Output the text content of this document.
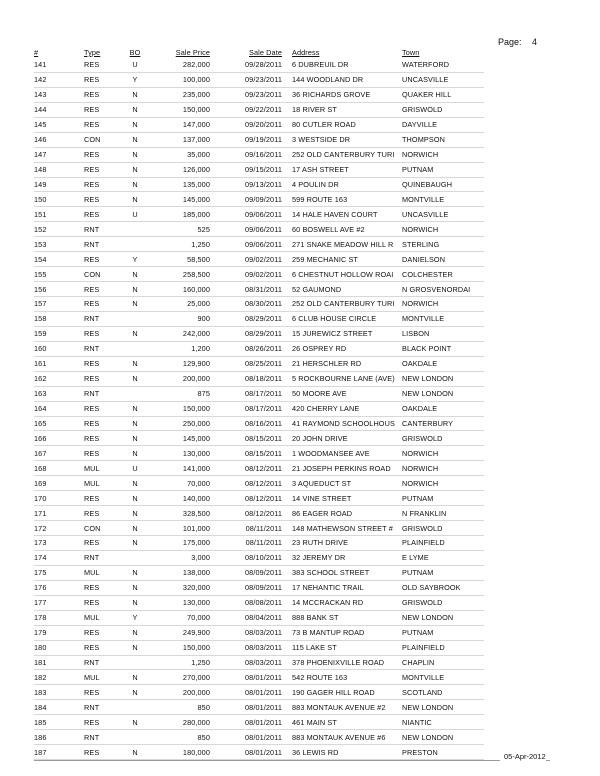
Page: 4
#	Type	BO	Sale Price	Sale Date	Address	Town
141	RES	U	282,000	09/28/2011	6 DUBREUIL DR	WATERFORD
142	RES	Y	100,000	09/23/2011	144 WOODLAND DR	UNCASVILLE
143	RES	N	235,000	09/23/2011	36 RICHARDS GROVE	QUAKER HILL
144	RES	N	150,000	09/22/2011	18 RIVER ST	GRISWOLD
145	RES	N	147,000	09/20/2011	80 CUTLER ROAD	DAYVILLE
146	CON	N	137,000	09/19/2011	3 WESTSIDE DR	THOMPSON
147	RES	N	35,000	09/16/2011	252 OLD CANTERBURY TURI	NORWICH
148	RES	N	126,000	09/15/2011	17 ASH STREET	PUTNAM
149	RES	N	135,000	09/13/2011	4 POULIN DR	QUINEBAUGH
150	RES	N	145,000	09/09/2011	599 ROUTE 163	MONTVILLE
151	RES	U	185,000	09/06/2011	14 HALE HAVEN COURT	UNCASVILLE
152	RNT		525	09/06/2011	60 BOSWELL AVE #2	NORWICH
153	RNT		1,250	09/06/2011	271 SNAKE MEADOW HILL R	STERLING
154	RES	Y	58,500	09/02/2011	259 MECHANIC ST	DANIELSON
155	CON	N	258,500	09/02/2011	6 CHESTNUT HOLLOW ROAI	COLCHESTER
156	RES	N	160,000	08/31/2011	52 GAUMOND	N GROSVENORDAI
157	RES	N	25,000	08/30/2011	252 OLD CANTERBURY TURI	NORWICH
158	RNT		900	08/29/2011	6 CLUB HOUSE CIRCLE	MONTVILLE
159	RES	N	242,000	08/29/2011	15 JUREWICZ STREET	LISBON
160	RNT		1,200	08/26/2011	26 OSPREY RD	BLACK POINT
161	RES	N	129,900	08/25/2011	21 HERSCHLER RD	OAKDALE
162	RES	N	200,000	08/18/2011	5 ROCKBOURNE LANE (AVE)	NEW LONDON
163	RNT		875	08/17/2011	50 MOORE AVE	NEW LONDON
164	RES	N	150,000	08/17/2011	420 CHERRY LANE	OAKDALE
165	RES	N	250,000	08/16/2011	41 RAYMOND SCHOOLHOUS	CANTERBURY
166	RES	N	145,000	08/15/2011	20 JOHN DRIVE	GRISWOLD
167	RES	N	130,000	08/15/2011	1 WOODMANSEE AVE	NORWICH
168	MUL	U	141,000	08/12/2011	21 JOSEPH PERKINS ROAD	NORWICH
169	MUL	N	70,000	08/12/2011	3 AQUEDUCT ST	NORWICH
170	RES	N	140,000	08/12/2011	14 VINE STREET	PUTNAM
171	RES	N	328,500	08/12/2011	86 EAGER ROAD	N FRANKLIN
172	CON	N	101,000	08/11/2011	148 MATHEWSON STREET #	GRISWOLD
173	RES	N	175,000	08/11/2011	23 RUTH DRIVE	PLAINFIELD
174	RNT		3,000	08/10/2011	32 JEREMY DR	E LYME
175	MUL	N	138,000	08/09/2011	383 SCHOOL STREET	PUTNAM
176	RES	N	320,000	08/09/2011	17 NEHANTIC TRAIL	OLD SAYBROOK
177	RES	N	130,000	08/08/2011	14 MCCRACKAN RD	GRISWOLD
178	MUL	Y	70,000	08/04/2011	888 BANK ST	NEW LONDON
179	RES	N	249,900	08/03/2011	73 B MANTUP ROAD	PUTNAM
180	RES	N	150,000	08/03/2011	115 LAKE ST	PLAINFIELD
181	RNT		1,250	08/03/2011	378 PHOENIXVILLE ROAD	CHAPLIN
182	MUL	N	270,000	08/01/2011	542 ROUTE 163	MONTVILLE
183	RES	N	200,000	08/01/2011	190 GAGER HILL ROAD	SCOTLAND
184	RNT		850	08/01/2011	883 MONTAUK AVENUE #2	NEW LONDON
185	RES	N	280,000	08/01/2011	461 MAIN ST	NIANTIC
186	RNT		850	08/01/2011	883 MONTAUK AVENUE #6	NEW LONDON
187	RES	N	180,000	08/01/2011	36 LEWIS RD	PRESTON	05-Apr-2012
